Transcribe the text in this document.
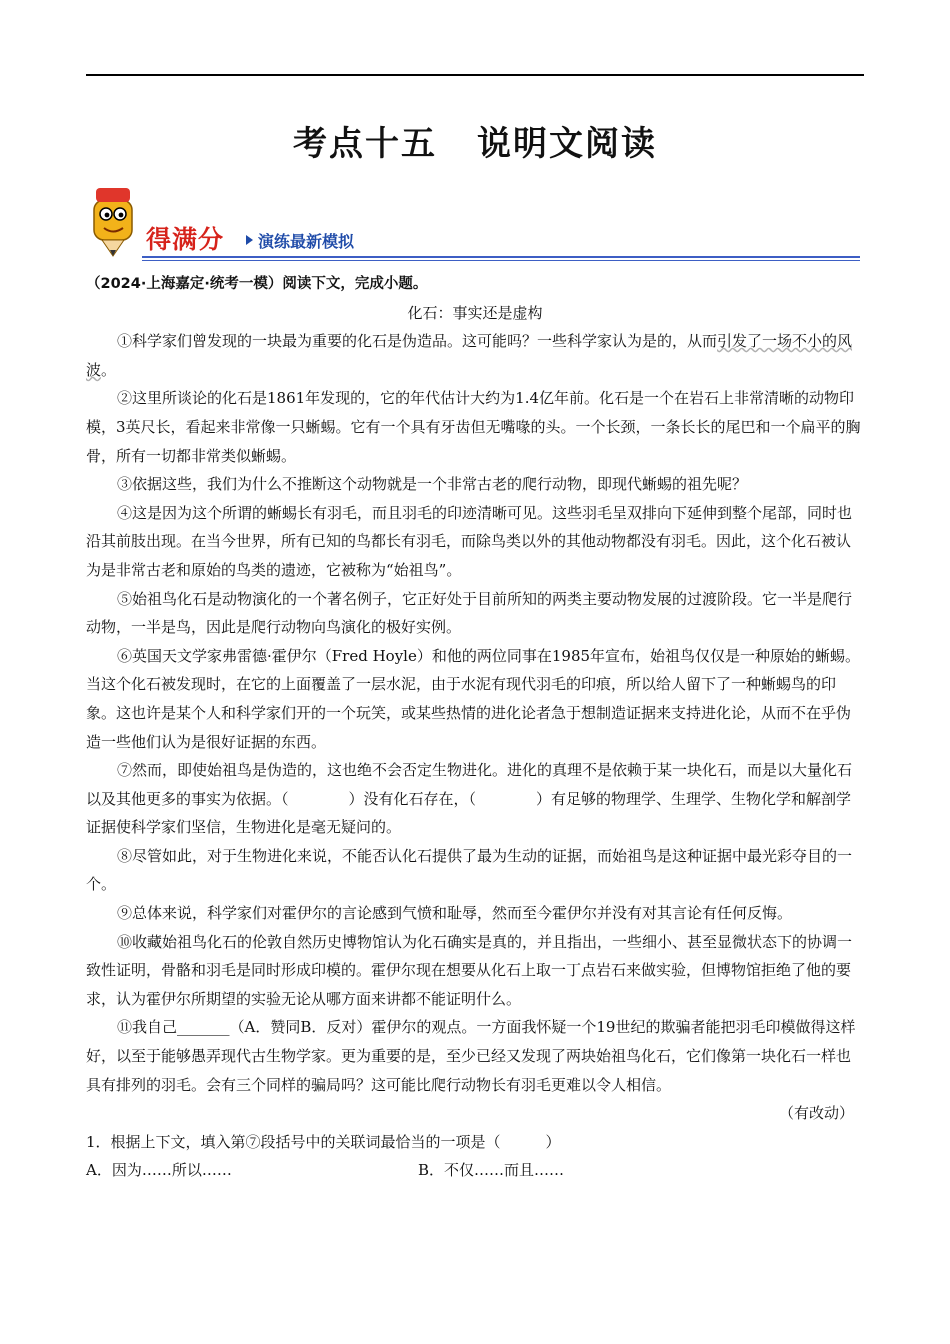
考点十五 说明文阅读
得满分 演练最新模拟

（2024·上海嘉定·统考一模）阅读下文，完成小题。

化石：事实还是虚构

①科学家们曾发现的一块最为重要的化石是伪造品。这可能吗？一些科学家认为是的，从而引发了一场不小的风波。

②这里所谈论的化石是1861年发现的，它的年代估计大约为1.4亿年前。化石是一个在岩石上非常清晰的动物印模，3英尺长，看起来非常像一只蜥蜴。它有一个具有牙齿但无嘴喙的头。一个长颈，一条长长的尾巴和一个扁平的胸骨，所有一切都非常类似蜥蜴。

③依据这些，我们为什么不推断这个动物就是一个非常古老的爬行动物，即现代蜥蜴的祖先呢？

④这是因为这个所谓的蜥蜴长有羽毛，而且羽毛的印迹清晰可见。这些羽毛呈双排向下延伸到整个尾部，同时也沿其前肢出现。在当今世界，所有已知的鸟都长有羽毛，而除鸟类以外的其他动物都没有羽毛。因此，这个化石被认为是非常古老和原始的鸟类的遗迹，它被称为“始祖鸟”。

⑤始祖鸟化石是动物演化的一个著名例子，它正好处于目前所知的两类主要动物发展的过渡阶段。它一半是爬行动物，一半是鸟，因此是爬行动物向鸟演化的极好实例。

⑥英国天文学家弗雷德·霍伊尔（Fred Hoyle）和他的两位同事在1985年宣布，始祖鸟仅仅是一种原始的蜥蜴。当这个化石被发现时，在它的上面覆盖了一层水泥，由于水泥有现代羽毛的印痕，所以给人留下了一种蜥蜴鸟的印象。这也许是某个人和科学家们开的一个玩笑，或某些热情的进化论者急于想制造证据来支持进化论，从而不在乎伪造一些他们认为是很好证据的东西。

⑦然而，即使始祖鸟是伪造的，这也绝不会否定生物进化。进化的真理不是依赖于某一块化石，而是以大量化石以及其他更多的事实为依据。（　　　　）没有化石存在，（　　　　）有足够的物理学、生理学、生物化学和解剖学证据使科学家们坚信，生物进化是毫无疑问的。

⑧尽管如此，对于生物进化来说，不能否认化石提供了最为生动的证据，而始祖鸟是这种证据中最光彩夺目的一个。

⑨总体来说，科学家们对霍伊尔的言论感到气愤和耻辱，然而至今霍伊尔并没有对其言论有任何反悔。

⑩收藏始祖鸟化石的伦敦自然历史博物馆认为化石确实是真的，并且指出，一些细小、甚至显微状态下的协调一致性证明，骨骼和羽毛是同时形成印模的。霍伊尔现在想要从化石上取一丁点岩石来做实验，但博物馆拒绝了他的要求，认为霍伊尔所期望的实验无论从哪方面来讲都不能证明什么。

⑪我自己_______（A．赞同B．反对）霍伊尔的观点。一方面我怀疑一个19世纪的欺骗者能把羽毛印模做得这样好，以至于能够愚弄现代古生物学家。更为重要的是，至少已经又发现了两块始祖鸟化石，它们像第一块化石一样也具有排列的羽毛。会有三个同样的骗局吗？这可能比爬行动物长有羽毛更难以令人相信。

（有改动）

1．根据上下文，填入第⑦段括号中的关联词最恰当的一项是（　　　）

A．因为……所以……	B．不仅……而且……
